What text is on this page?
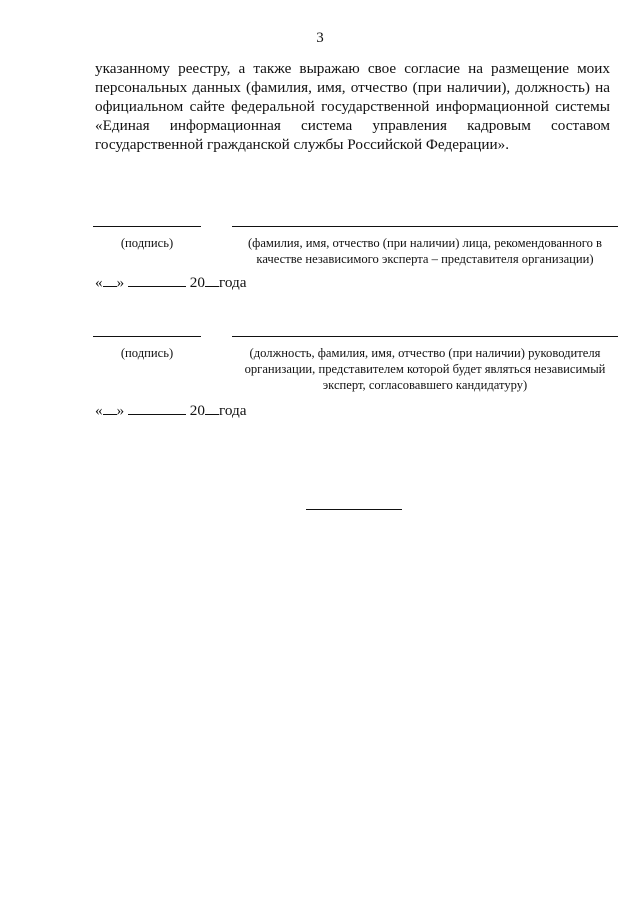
3
указанному реестру, а также выражаю свое согласие на размещение моих персональных данных (фамилия, имя, отчество (при наличии), должность) на официальном сайте федеральной государственной информационной системы «Единая информационная система управления кадровым составом государственной гражданской службы Российской Федерации».
(подпись)	(фамилия, имя, отчество (при наличии) лица, рекомендованного в качестве независимого эксперта – представителя организации)
« »	20 года
(подпись)	(должность, фамилия, имя, отчество (при наличии) руководителя организации, представителем которой будет являться независимый эксперт, согласовавшего кандидатуру)
« »	20 года
